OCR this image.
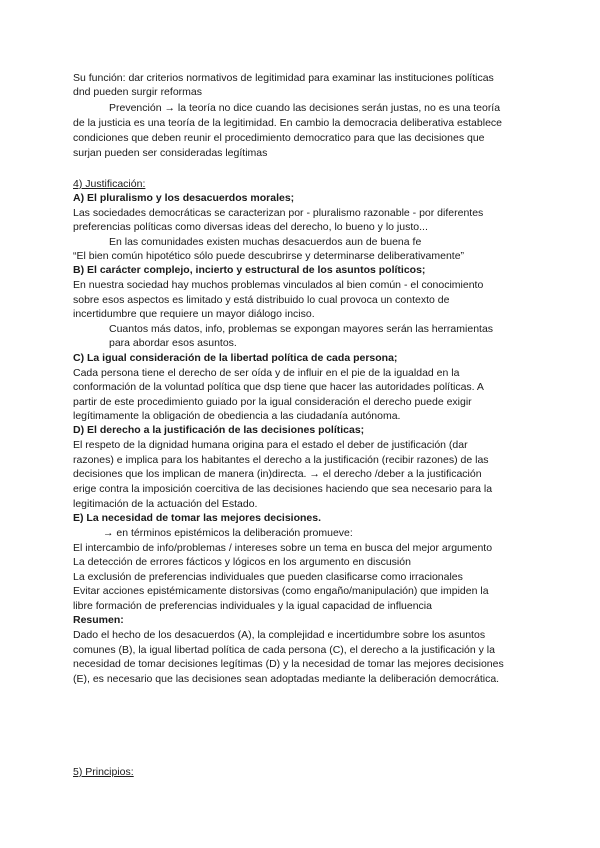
Su función: dar criterios normativos de legitimidad para examinar las instituciones políticas
dnd pueden surgir reformas
Prevención → la teoría no dice cuando las decisiones serán justas, no es una teoría
de la justicia es una teoría de la legitimidad. En cambio la democracia deliberativa establece
condiciones que deben reunir el procedimiento democratico para que las decisiones que
surjan pueden ser consideradas legítimas
4) Justificación:
A) El pluralismo y los desacuerdos morales;
Las sociedades democráticas se caracterizan por - pluralismo razonable - por diferentes
preferencias políticas como diversas ideas del derecho, lo bueno y lo justo...
En las comunidades existen muchas desacuerdos aun de buena fe
“El bien común hipotético sólo puede descubrirse y determinarse deliberativamente”
B) El carácter complejo, incierto y estructural de los asuntos políticos;
En nuestra sociedad hay muchos problemas vinculados al bien común - el conocimiento
sobre esos aspectos es limitado y está distribuido lo cual provoca un contexto de
incertidumbre que requiere un mayor diálogo inciso.
Cuantos más datos, info, problemas se expongan mayores serán las herramientas
para abordar esos asuntos.
C) La igual consideración de la libertad política de cada persona;
Cada persona tiene el derecho de ser oída y de influir en el pie de la igualdad en la
conformación de la voluntad política que dsp tiene que hacer las autoridades políticas. A
partir de este procedimiento guiado por la igual consideración el derecho puede exigir
legítimamente la obligación de obediencia a las ciudadanía autónoma.
D) El derecho a la justificación de las decisiones políticas;
El respeto de la dignidad humana origina para el estado el deber de justificación (dar
razones) e implica para los habitantes el derecho a la justificación (recibir razones) de las
decisiones que los implican de manera (in)directa. → el derecho /deber a la justificación
erige contra la imposición coercitiva de las decisiones haciendo que sea necesario para la
legitimación de la actuación del Estado.
E) La necesidad de tomar las mejores decisiones.
→ en términos epistémicos la deliberación promueve:
El intercambio de info/problemas / intereses sobre un tema en busca del mejor argumento
La detección de errores fácticos y lógicos en los argumento en discusión
La exclusión de preferencias individuales que pueden clasificarse como irracionales
Evitar acciones epistémicamente distorsivas (como engaño/manipulación) que impiden la
libre formación de preferencias individuales y la igual capacidad de influencia
Resumen:
Dado el hecho de los desacuerdos (A), la complejidad e incertidumbre sobre los asuntos
comunes (B), la igual libertad política de cada persona (C), el derecho a la justificación y la
necesidad de tomar decisiones legítimas (D) y la necesidad de tomar las mejores decisiones
(E), es necesario que las decisiones sean adoptadas mediante la deliberación democrática.
5) Principios:
